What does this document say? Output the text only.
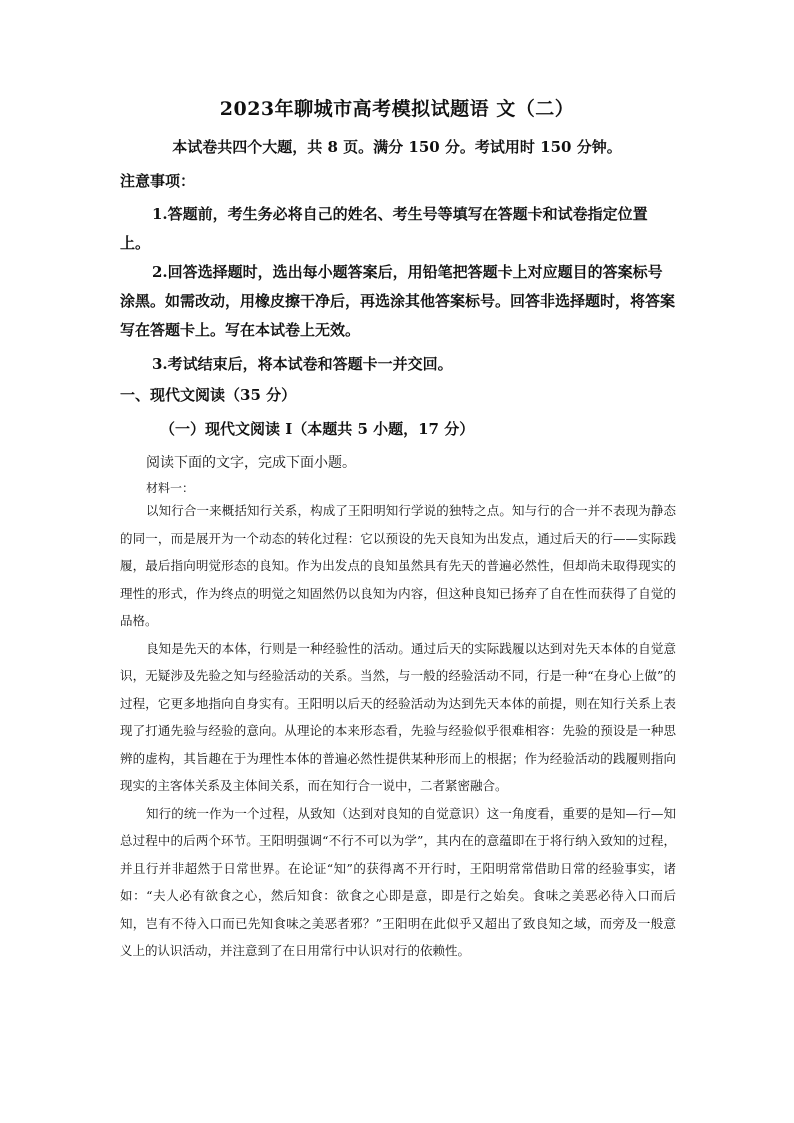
2023年聊城市高考模拟试题语 文（二）
本试卷共四个大题，共 8 页。满分 150 分。考试用时 150 分钟。
注意事项：
1.答题前，考生务必将自己的姓名、考生号等填写在答题卡和试卷指定位置上。
2.回答选择题时，选出每小题答案后，用铅笔把答题卡上对应题目的答案标号涂黑。如需改动，用橡皮擦干净后，再选涂其他答案标号。回答非选择题时，将答案写在答题卡上。写在本试卷上无效。
3.考试结束后，将本试卷和答题卡一并交回。
一、现代文阅读（35 分）
（一）现代文阅读 I（本题共 5 小题，17 分）
阅读下面的文字，完成下面小题。
材料一：

以知行合一来概括知行关系，构成了王阳明知行学说的独特之点。知与行的合一并不表现为静态的同一，而是展开为一个动态的转化过程：它以预设的先天良知为出发点，通过后天的行——实际践履，最后指向明觉形态的良知。作为出发点的良知虽然具有先天的普遍必然性，但却尚未取得现实的理性的形式，作为终点的明觉之知固然仍以良知为内容，但这种良知已扬弃了自在性而获得了自觉的品格。

良知是先天的本体，行则是一种经验性的活动。通过后天的实际践履以达到对先天本体的自觉意识，无疑涉及先验之知与经验活动的关系。当然，与一般的经验活动不同，行是一种“在身心上做”的过程，它更多地指向自身实有。王阳明以后天的经验活动为达到先天本体的前提，则在知行关系上表现了打通先验与经验的意向。从理论的本来形态看，先验与经验似乎很难相容：先验的预设是一种思辨的虚构，其旨趣在于为理性本体的普遍必然性提供某种形而上的根据；作为经验活动的践履则指向现实的主客体关系及主体间关系，而在知行合一说中，二者紧密融合。

知行的统一作为一个过程，从致知（达到对良知的自觉意识）这一角度看，重要的是知—行—知总过程中的后两个环节。王阳明强调“不行不可以为学”，其内在的意蕴即在于将行纳入致知的过程，并且行并非超然于日常世界。在论证“知”的获得离不开行时，王阳明常常借助日常的经验事实，诸如：“夫人必有欲食之心，然后知食：欲食之心即是意，即是行之始矣。食味之美恶必待入口而后知，岂有不待入口而已先知食味之美恶者邪？”王阳明在此似乎又超出了致良知之域，而旁及一般意义上的认识活动，并注意到了在日用常行中认识对行的依赖性。
